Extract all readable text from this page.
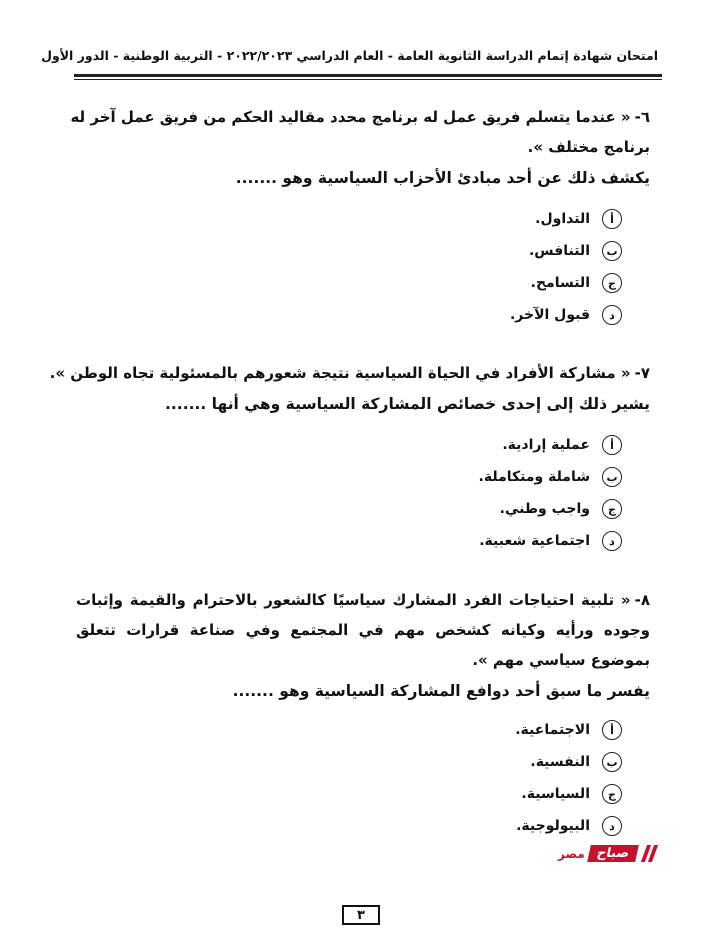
امتحان شهادة إتمام الدراسة الثانوية العامة - العام الدراسي ٢٠٢٢/٢٠٢٣ - التربية الوطنية - الدور الأول
٦-« عندما يتسلم فريق عمل له برنامج محدد مقاليد الحكم من فريق عمل آخر له
برنامج مختلف ».
يكشف ذلك عن أحد مبادئ الأحزاب السياسية وهو .......
أ
التداول.
ب
التنافس.
ج
التسامح.
د
قبول الآخر.
٧-« مشاركة الأفراد في الحياة السياسية نتيجة شعورهم بالمسئولية تجاه الوطن ».
يشير ذلك إلى إحدى خصائص المشاركة السياسية وهي أنها .......
أ
عملية إرادية.
ب
شاملة ومتكاملة.
ج
واجب وطني.
د
اجتماعية شعبية.
٨-« تلبية احتياجات الفرد المشارك سياسيًا كالشعور بالاحترام والقيمة وإثبات
وجوده ورأيه وكيانه كشخص مهم في المجتمع وفي صناعة قرارات تتعلق
بموضوع سياسي مهم ».
يفسر ما سبق أحد دوافع المشاركة السياسية وهو .......
أ
الاجتماعية.
ب
النفسية.
ج
السياسية.
د
البيولوجية.
صباح
مصر
٣
